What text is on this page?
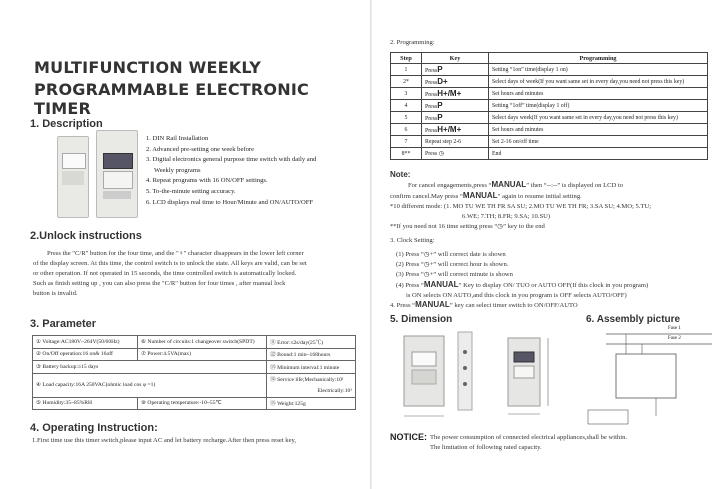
MULTIFUNCTION WEEKLY
PROGRAMMABLE ELECTRONIC TIMER
1. Description
1. DIN Rail Installation
2. Advanced pre-setting one week before
3. Digital electronics general purpose time switch with daily and
Weekly programs
4. Repeat programs with 16 ON/OFF settings.
5. To-the-minute setting accuracy.
6. LCD displays real time to Hour/Minute and ON/AUTO/OFF
2.Unlock instructions
Press the "C/R" button for the four time, and the "♀" character disappears in the lower left corner
of the display screen. At this time, the control switch is to unlock the state. All keys are valid, can be set
or other operation. If not operated in 15 seconds, the time controlled switch is automatically locked.
Such as finish setting up , you can also press the "C/R" button for four times , after manual lock
button is invalid.
3. Parameter
① Voltage:AC180V~264V(50/60Hz)	⑥ Number of circuits:1 changeover switch(SPDT)	⑪ Error:≤2s/day(25℃)
② On/Off operation:16 on& 16off	⑦ Power:4.5VA(max)	⑫ Bound:1 min~168hours
③ Battery backup:≥15 days		⑬ Minimum interval:1 minute
④ Load capacity:16A 250VAC(ohmic load cos φ =1)		⑭ Service life;Mechanically:10¹
		Electrically:10¹
⑤ Humidity:35~85%RH	⑨ Operating temperature:-10~55℃	⑮ Weight:125g
4. Operating Instruction:
1.First time use this timer switch,please input AC and let battery recharge.After then press reset key,
2. Programming:
Step	Key	Programming
1	PressP	Setting “1on” time(display 1 on)
2*	PressD+	Select days of week(If you want same set in every day,you need not press this key)
3	PressH+/M+	Set hours and minutes
4	PressP	Setting “1off” time(display 1 off)
5	PressP	Select days week(If you want same set in every day,you need not press this key)
6	PressH+/M+	Set hours and minutes
7	Repeat step 2-6	Set 2-16 on/off time
8**	Press ◷	End
Note:
For cancel engagements,press “MANUAL” then “--:--” is displayed on LCD to
confirm cancel.May press “MANUAL” again to resume initial setting.
*10 different mode: (1. MO TU WE TH FR SA SU; 2.MO TU WE TH FR; 3.SA SU; 4.MO; 5.TU;
6.WE; 7.TH; 8.FR; 9.SA; 10.SU)
**If you need not 16 time setting press “◷” key to the end
3. Clock Setting:
(1) Press “◷+” will correct date is shown
(2) Press “◷+” will correct hour is shown.
(3) Press “◷+” will correct minute is shown
(4) Press “MANUAL” Key to display ON/ TUO or AUTO OFF(If this clock in you program)
is ON selects ON AUTO,and this clock in you program is OFF selects AUTO/OFF)
4. Press “MANUAL” key can select timer switch to ON/OFF/AUTO
5. Dimension	6. Assembly picture
Fase 1
Fase 2
NOTICE: The power consumption of connected electrical appliances,shall be within.
The limitation of following rated capacity.
